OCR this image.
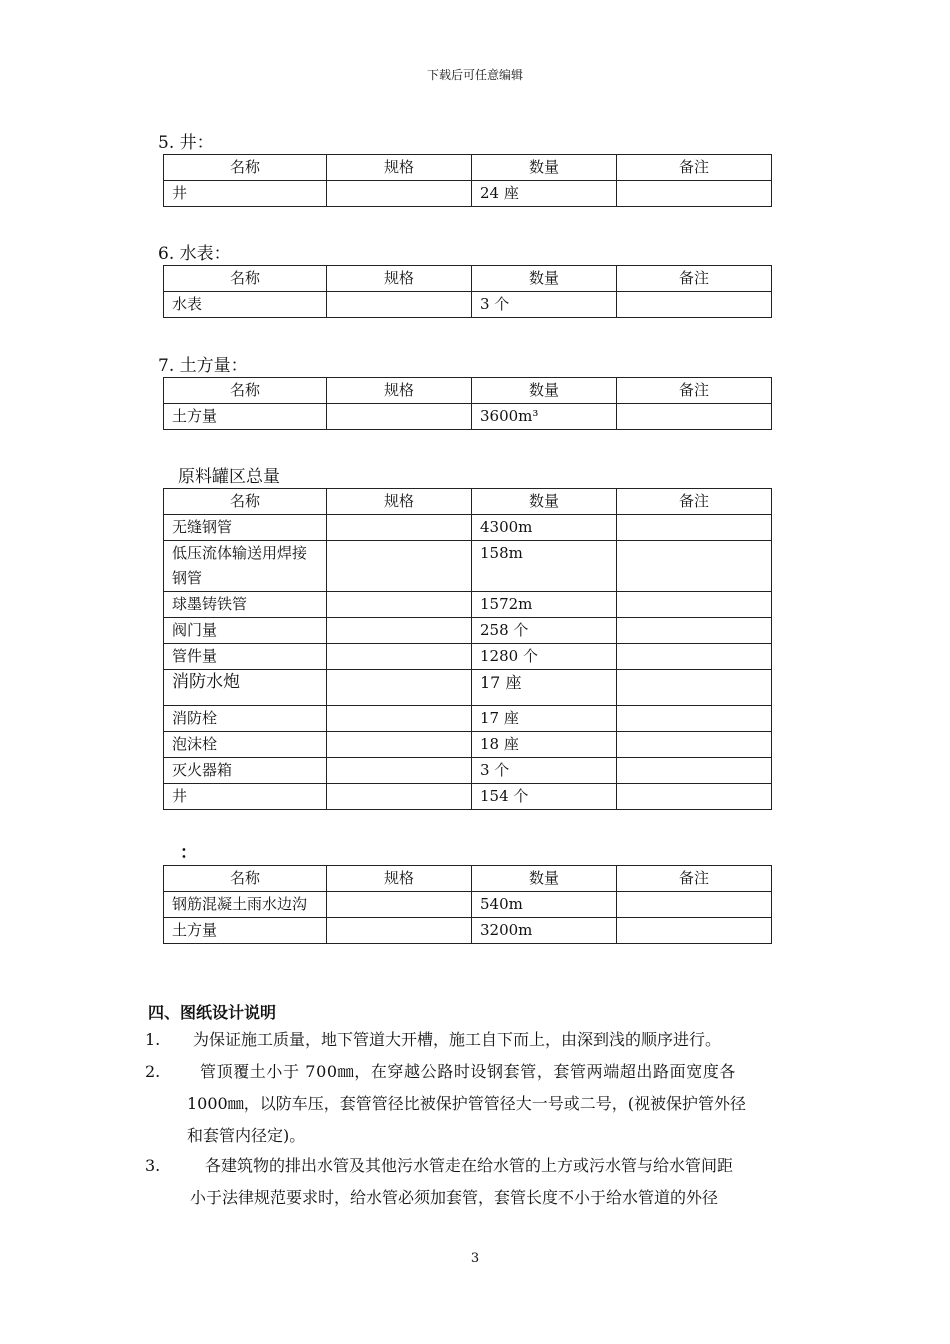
下载后可任意编辑
5. 井：
名称	规格	数量	备注
井		24 座	
6. 水表：
名称	规格	数量	备注
水表		3 个	
7. 土方量：
名称	规格	数量	备注
土方量		3600m³	
原料罐区总量
名称	规格	数量	备注
无缝钢管		4300m	
低压流体输送用焊接钢管		158m	
球墨铸铁管		1572m	
阀门量		258 个	
管件量		1280 个	
消防水炮		17 座	
消防栓		17 座	
泡沫栓		18 座	
灭火器箱		3 个	
井		154 个	
：
名称	规格	数量	备注
钢筋混凝土雨水边沟		540m	
土方量		3200m	
四、图纸设计说明
1. 为保证施工质量，地下管道大开槽，施工自下而上，由深到浅的顺序进行。
2. 管顶覆土小于 700㎜，在穿越公路时设钢套管，套管两端超出路面宽度各
1000㎜，以防车压，套管管径比被保护管管径大一号或二号，(视被保护管外径
和套管内径定)。
3.	各建筑物的排出水管及其他污水管走在给水管的上方或污水管与给水管间距
小于法律规范要求时，给水管必须加套管，套管长度不小于给水管道的外径
3
